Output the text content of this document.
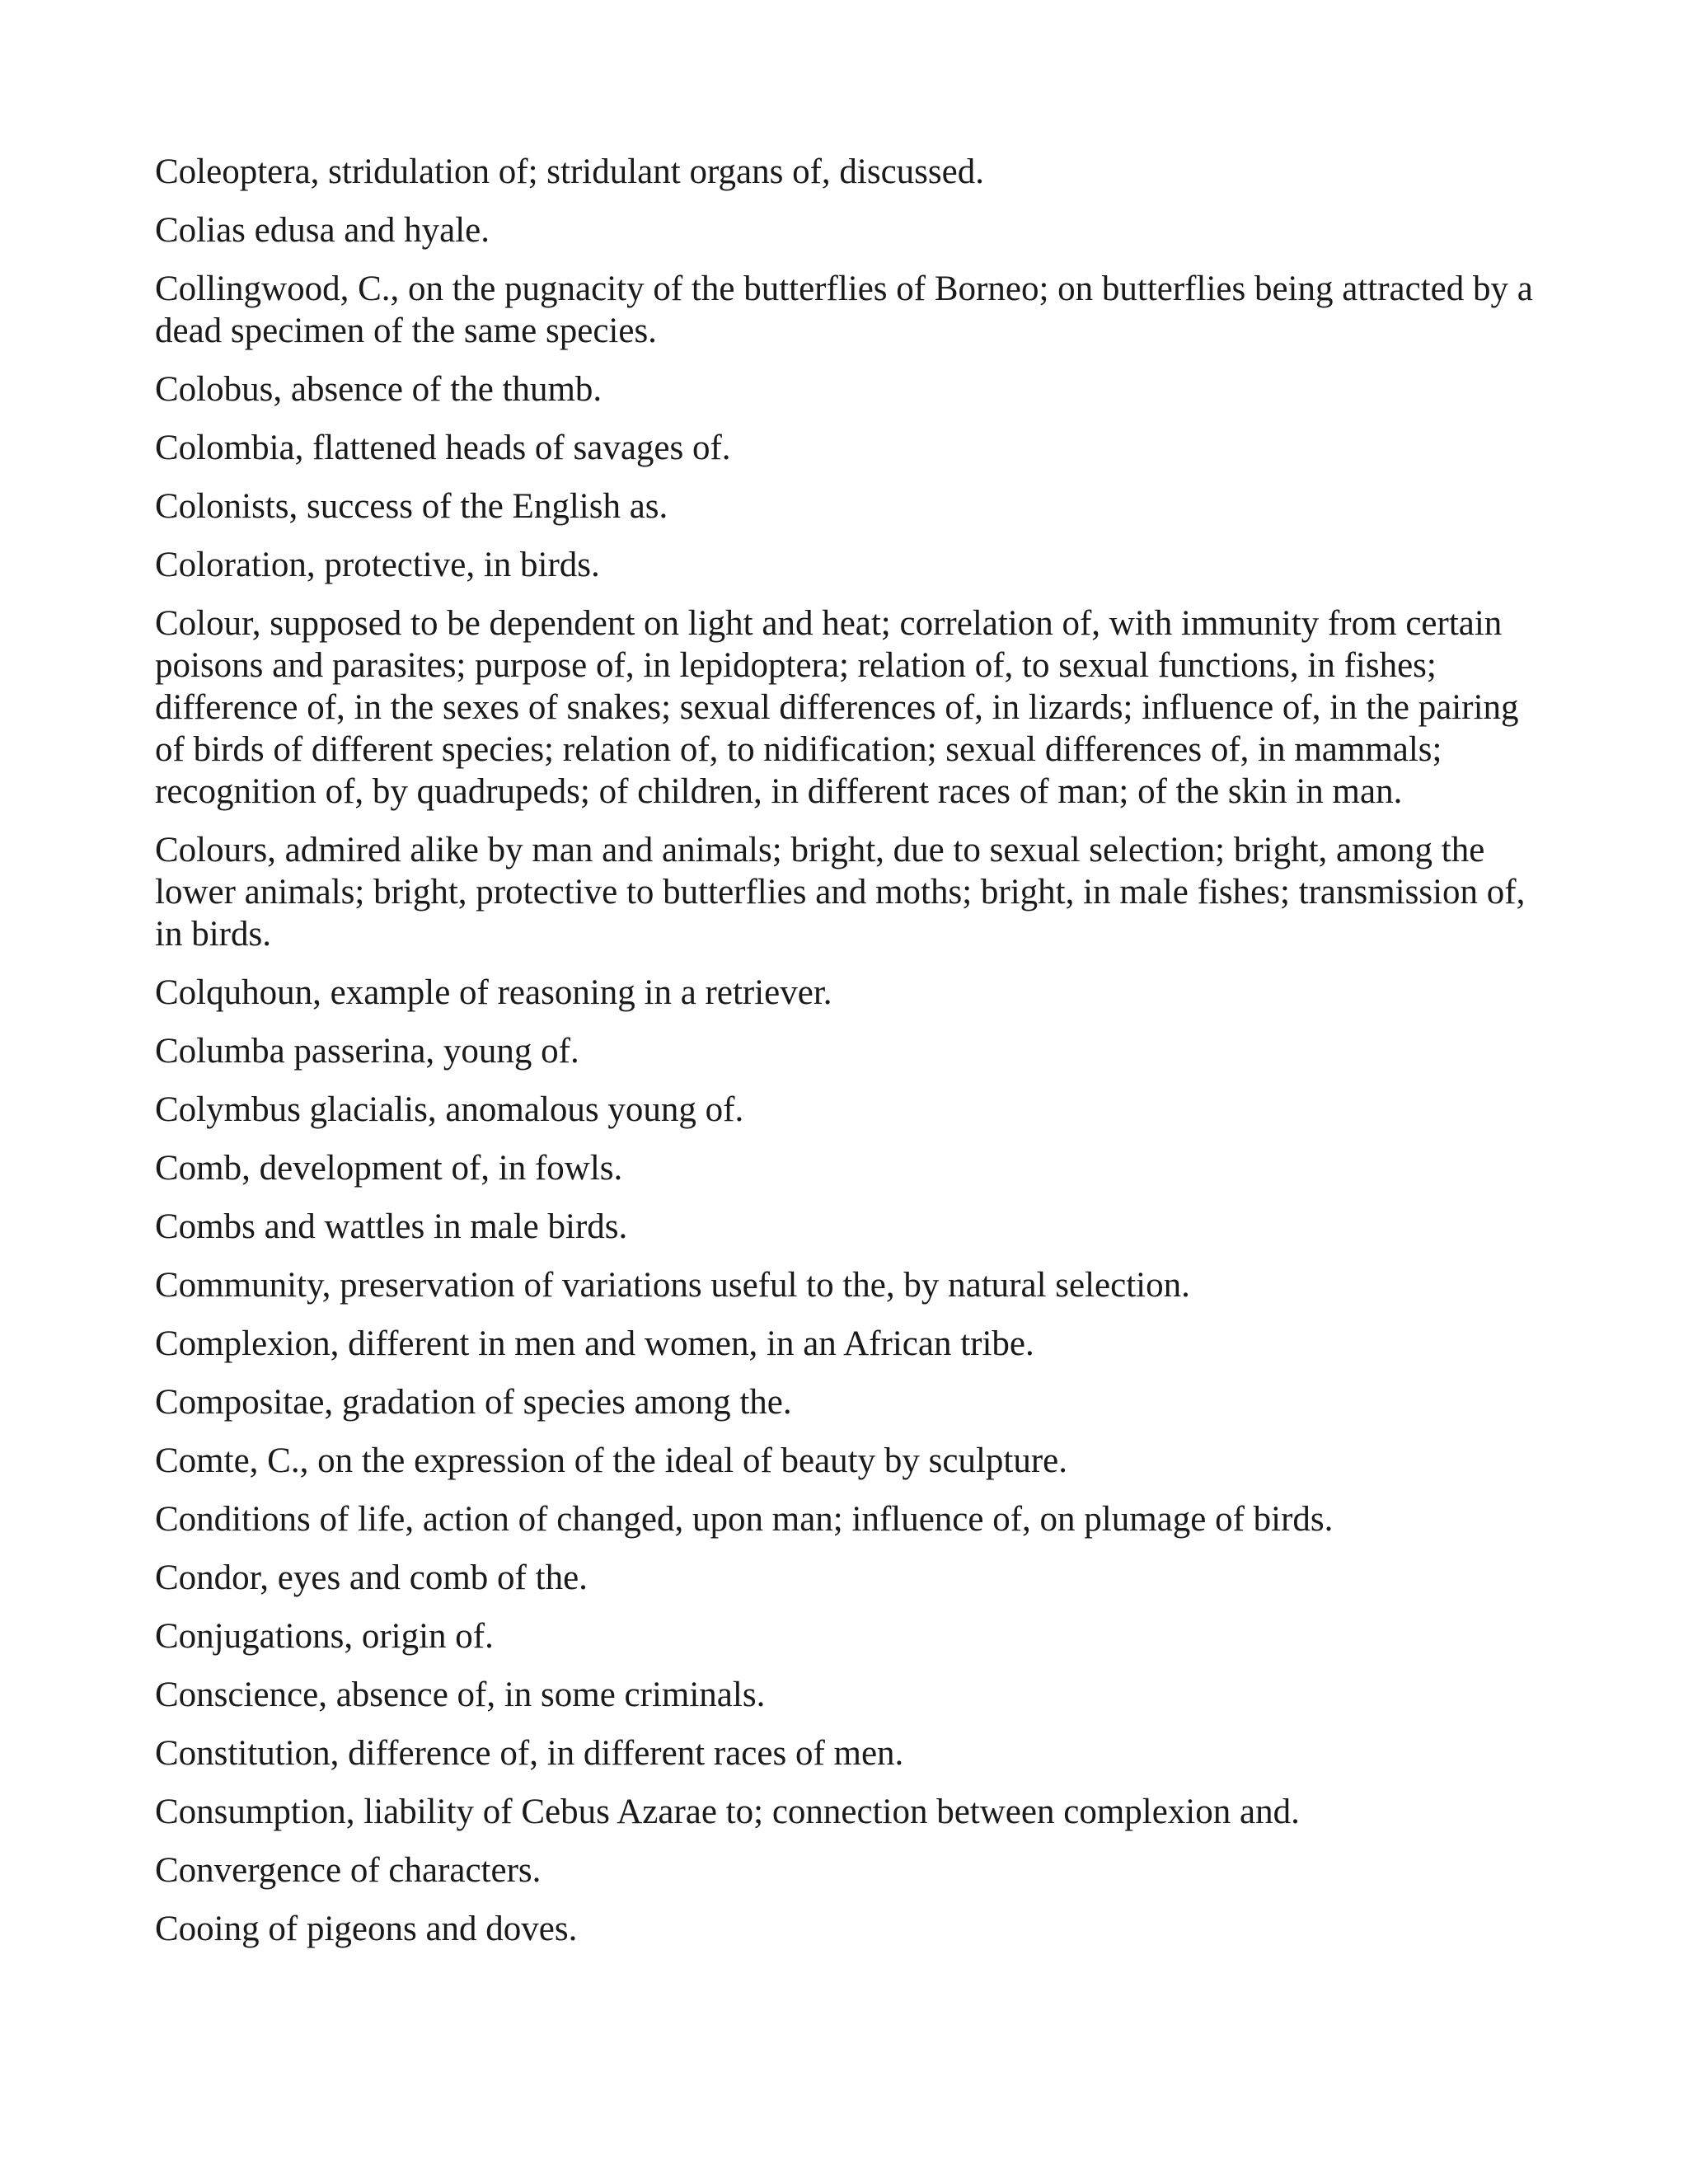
Coleoptera, stridulation of; stridulant organs of, discussed.
Colias edusa and hyale.
Collingwood, C., on the pugnacity of the butterflies of Borneo; on butterflies being attracted by a dead specimen of the same species.
Colobus, absence of the thumb.
Colombia, flattened heads of savages of.
Colonists, success of the English as.
Coloration, protective, in birds.
Colour, supposed to be dependent on light and heat; correlation of, with immunity from certain poisons and parasites; purpose of, in lepidoptera; relation of, to sexual functions, in fishes; difference of, in the sexes of snakes; sexual differences of, in lizards; influence of, in the pairing of birds of different species; relation of, to nidification; sexual differences of, in mammals; recognition of, by quadrupeds; of children, in different races of man; of the skin in man.
Colours, admired alike by man and animals; bright, due to sexual selection; bright, among the lower animals; bright, protective to butterflies and moths; bright, in male fishes; transmission of, in birds.
Colquhoun, example of reasoning in a retriever.
Columba passerina, young of.
Colymbus glacialis, anomalous young of.
Comb, development of, in fowls.
Combs and wattles in male birds.
Community, preservation of variations useful to the, by natural selection.
Complexion, different in men and women, in an African tribe.
Compositae, gradation of species among the.
Comte, C., on the expression of the ideal of beauty by sculpture.
Conditions of life, action of changed, upon man; influence of, on plumage of birds.
Condor, eyes and comb of the.
Conjugations, origin of.
Conscience, absence of, in some criminals.
Constitution, difference of, in different races of men.
Consumption, liability of Cebus Azarae to; connection between complexion and.
Convergence of characters.
Cooing of pigeons and doves.
